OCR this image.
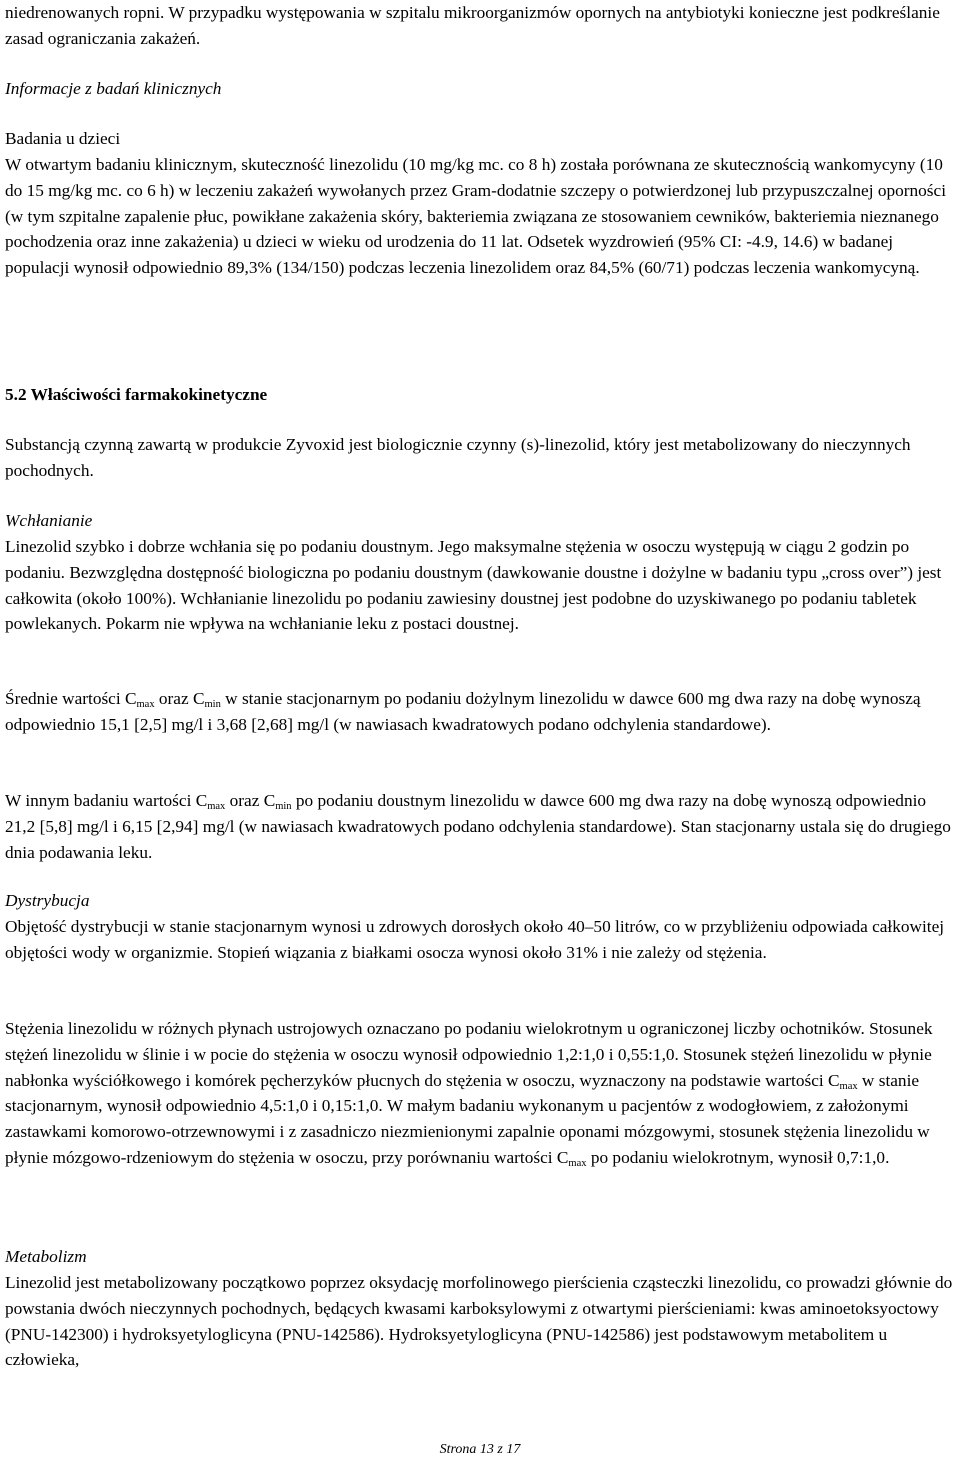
niedrenowanych ropni. W przypadku występowania w szpitalu mikroorganizmów opornych na antybiotyki konieczne jest podkreślanie zasad ograniczania zakażeń.

Informacje z badań klinicznych

Badania u dzieci

W otwartym badaniu klinicznym, skuteczność linezolidu (10 mg/kg mc. co 8 h) została porównana ze skutecznością wankomycyny (10 do 15 mg/kg mc. co 6 h) w leczeniu zakażeń wywołanych przez Gram-dodatnie szczepy o potwierdzonej lub przypuszczalnej oporności (w tym szpitalne zapalenie płuc, powikłane zakażenia skóry, bakteriemia związana ze stosowaniem cewników, bakteriemia nieznanego pochodzenia oraz inne zakażenia) u dzieci w wieku od urodzenia do 11 lat. Odsetek wyzdrowień (95% CI: -4.9, 14.6) w badanej populacji wynosił odpowiednio 89,3% (134/150) podczas leczenia linezolidem oraz 84,5% (60/71) podczas leczenia wankomycyną.

5.2 Właściwości farmakokinetyczne

Substancją czynną zawartą w produkcie Zyvoxid jest biologicznie czynny (s)-linezolid, który jest metabolizowany do nieczynnych pochodnych.

Wchłanianie

Linezolid szybko i dobrze wchłania się po podaniu doustnym. Jego maksymalne stężenia w osoczu występują w ciągu 2 godzin po podaniu. Bezwzględna dostępność biologiczna po podaniu doustnym (dawkowanie doustne i dożylne w badaniu typu „cross over”) jest całkowita (około 100%). Wchłanianie linezolidu po podaniu zawiesiny doustnej jest podobne do uzyskiwanego po podaniu tabletek powlekanych. Pokarm nie wpływa na wchłanianie leku z postaci doustnej.

Średnie wartości $C_{max}$ oraz $C_{min}$ w stanie stacjonarnym po podaniu dożylnym linezolidu w dawce 600 mg dwa razy na dobę wynoszą odpowiednio 15,1 [2,5] mg/l i 3,68 [2,68] mg/l (w nawiasach kwadratowych podano odchylenia standardowe).

W innym badaniu wartości $C_{max}$ oraz $C_{min}$ po podaniu doustnym linezolidu w dawce 600 mg dwa razy na dobę wynoszą odpowiednio 21,2 [5,8] mg/l i 6,15 [2,94] mg/l (w nawiasach kwadratowych podano odchylenia standardowe). Stan stacjonarny ustala się do drugiego dnia podawania leku.

Dystrybucja

Objętość dystrybucji w stanie stacjonarnym wynosi u zdrowych dorosłych około 40–50 litrów, co w przybliżeniu odpowiada całkowitej objętości wody w organizmie. Stopień wiązania z białkami osocza wynosi około 31% i nie zależy od stężenia.

Stężenia linezolidu w różnych płynach ustrojowych oznaczano po podaniu wielokrotnym u ograniczonej liczby ochotników. Stosunek stężeń linezolidu w ślinie i w pocie do stężenia w osoczu wynosił odpowiednio 1,2:1,0 i 0,55:1,0. Stosunek stężeń linezolidu w płynie nabłonka wyściółkowego i komórek pęcherzyków płucnych do stężenia w osoczu, wyznaczony na podstawie wartości $C_{max}$ w stanie stacjonarnym, wynosił odpowiednio 4,5:1,0 i 0,15:1,0. W małym badaniu wykonanym u pacjentów z wodogłowiem, z założonymi zastawkami komorowo-otrzewnowymi i z zasadniczo niezmienionymi zapalnie oponami mózgowymi, stosunek stężenia linezolidu w płynie mózgowo-rdzeniowym do stężenia w osoczu, przy porównaniu wartości $C_{max}$ po podaniu wielokrotnym, wynosił 0,7:1,0.

Metabolizm

Linezolid jest metabolizowany początkowo poprzez oksydację morfolinowego pierścienia cząsteczki linezolidu, co prowadzi głównie do powstania dwóch nieczynnych pochodnych, będących kwasami karboksylowymi z otwartymi pierścieniami: kwas aminoetoksyoctowy (PNU-142300) i hydroksyetyloglicyna (PNU-142586). Hydroksyetyloglicyna (PNU-142586) jest podstawowym metabolitem u człowieka,

Strona 13 z 17
